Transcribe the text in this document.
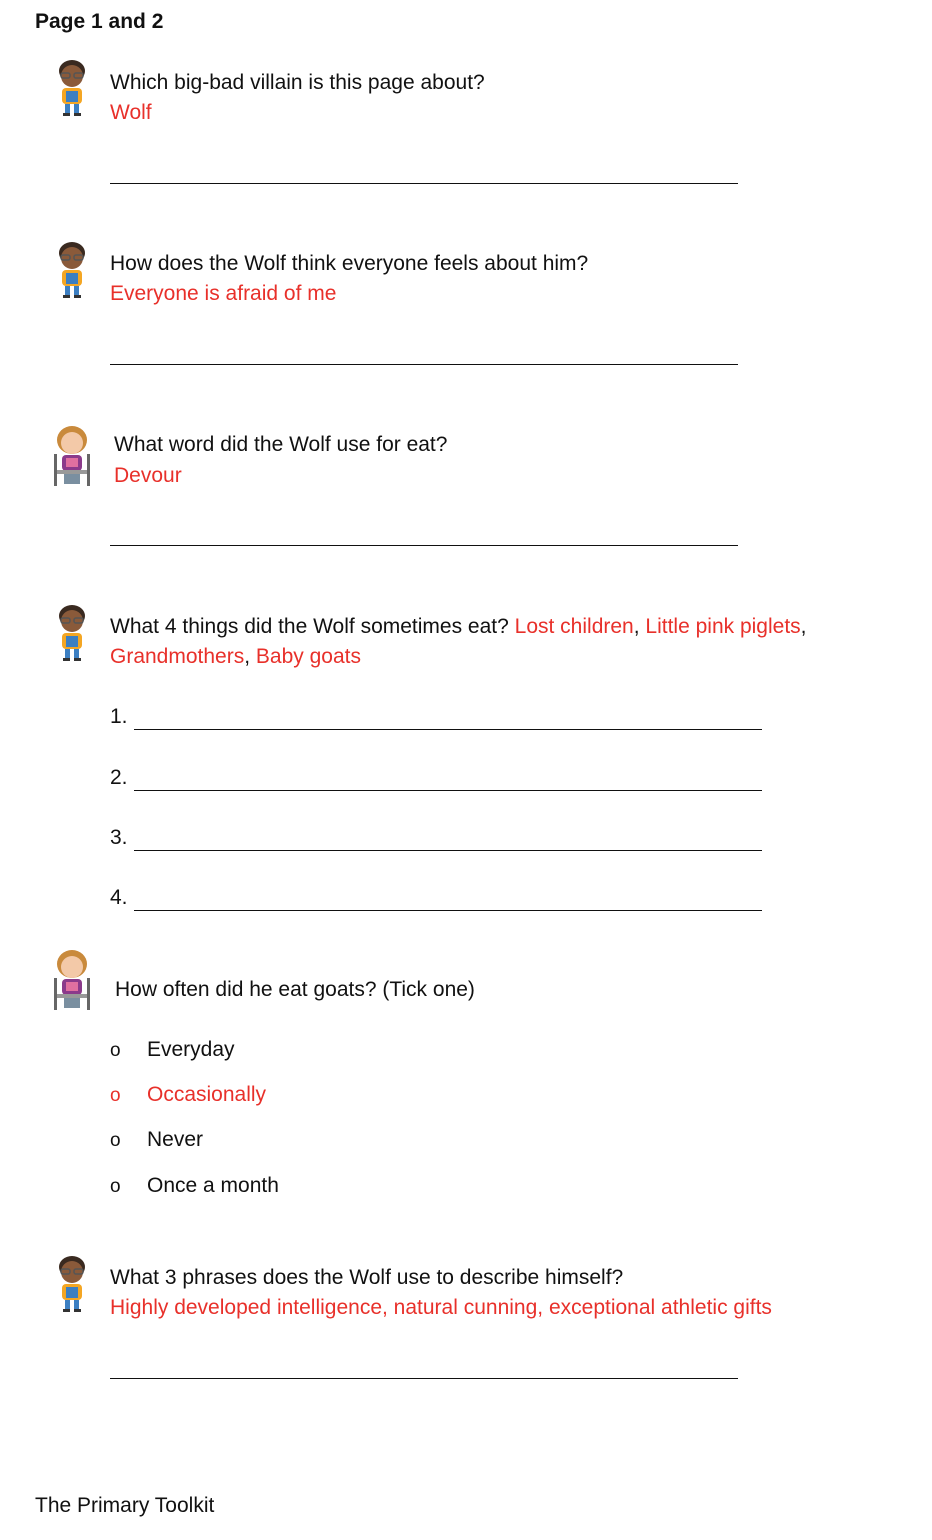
Page 1 and 2
Which big-bad villain is this page about?
Wolf
How does the Wolf think everyone feels about him?
Everyone is afraid of me
What word did the Wolf use for eat?
Devour
What 4 things did the Wolf sometimes eat? Lost children, Little pink piglets,
Grandmothers, Baby goats
1.
2.
3.
4.
How often did he eat goats? (Tick one)
o Everyday
o Occasionally
o Never
o Once a month
What 3 phrases does the Wolf use to describe himself?
Highly developed intelligence, natural cunning, exceptional athletic gifts
The Primary Toolkit
